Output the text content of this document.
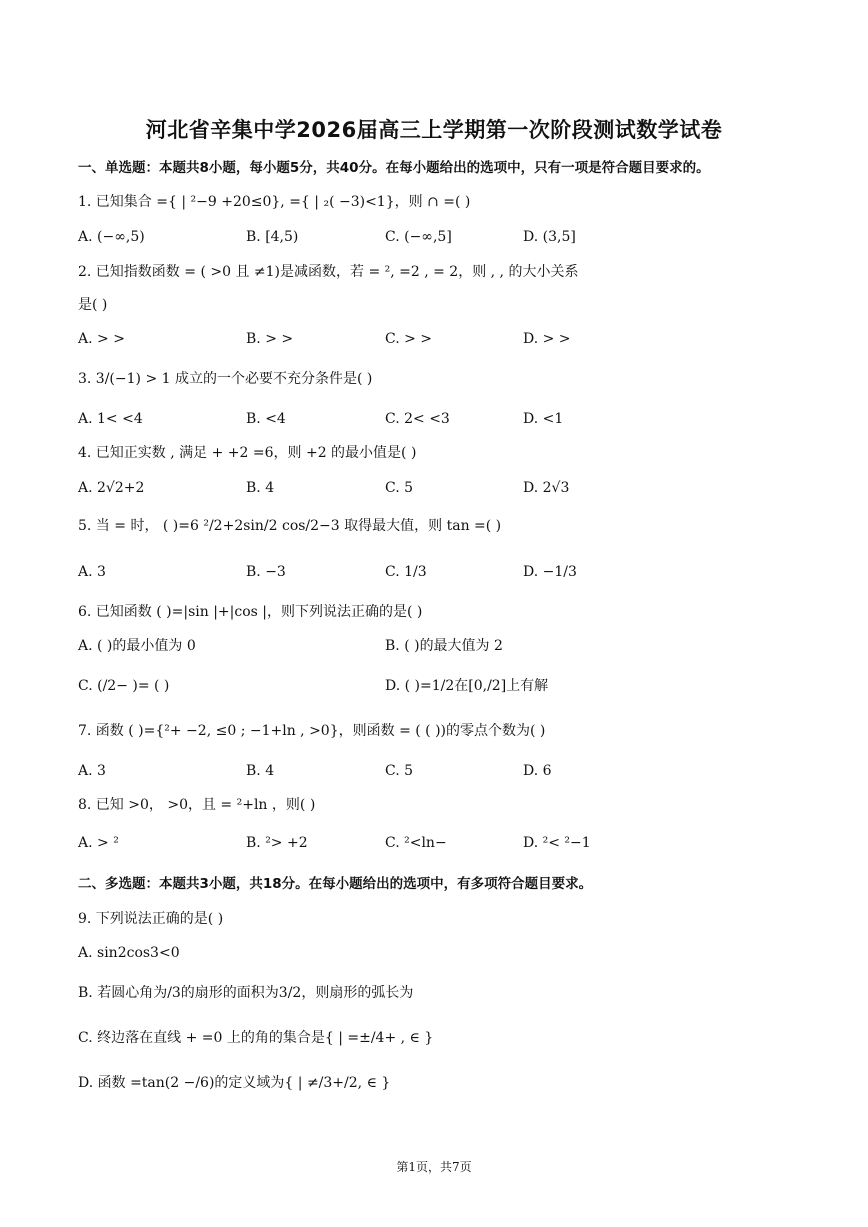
河北省辛集中学2026届高三上学期第一次阶段测试数学试卷
一、单选题：本题共8小题，每小题5分，共40分。在每小题给出的选项中，只有一项是符合题目要求的。
1. 已知集合 ={ | ²−9 +20≤0}, ={ | ₂( −3)<1}，则 ∩ =( )
A. (−∞,5)	B. [4,5)	C. (−∞,5]	D. (3,5]
2. 已知指数函数 = ( >0 且 ≠1)是减函数，若 = ², =2 , = 2，则 , , 的大小关系
是( )
A. > >	B. > >	C. > >	D. > >
3. 3/(−1) > 1 成立的一个必要不充分条件是( )
A. 1< <4	B. <4	C. 2< <3	D. <1
4. 已知正实数 , 满足 + +2 =6，则 +2 的最小值是( )
A. 2√2+2	B. 4	C. 5	D. 2√3
5. 当 = 时， ( )=6 ²/2+2sin/2 cos/2−3 取得最大值，则 tan =( )
A. 3	B. −3	C. 1/3	D. −1/3
6. 已知函数 ( )=|sin |+|cos |，则下列说法正确的是( )
A. ( )的最小值为 0	B. ( )的最大值为 2
C. (/2− )= ( )	D. ( )=1/2在[0,/2]上有解
7. 函数 ( )={²+ −2, ≤0 ; −1+ln , >0}，则函数 = ( ( ))的零点个数为( )
A. 3	B. 4	C. 5	D. 6
8. 已知 >0， >0，且 = ²+ln ，则( )
A. > ²	B. ²> +2	C. ²<ln−	D. ²< ²−1
二、多选题：本题共3小题，共18分。在每小题给出的选项中，有多项符合题目要求。
9. 下列说法正确的是( )
A. sin2cos3<0
B. 若圆心角为/3的扇形的面积为3/2，则扇形的弧长为
C. 终边落在直线 + =0 上的角的集合是{ | =±/4+ , ∈ }
D. 函数 =tan(2 −/6)的定义域为{ | ≠/3+/2, ∈ }
第1页，共7页
